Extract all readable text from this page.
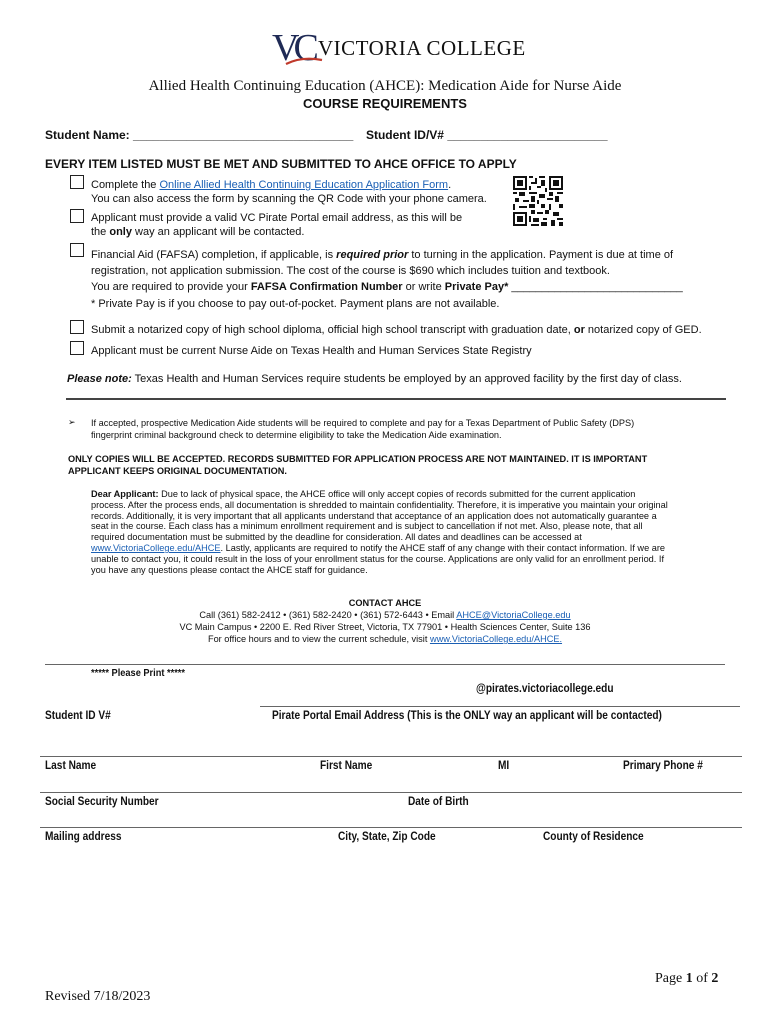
VC VICTORIA COLLEGE
Allied Health Continuing Education (AHCE): Medication Aide for Nurse Aide
COURSE REQUIREMENTS
Student Name: _________________________________ Student ID/V# ________________________
EVERY ITEM LISTED MUST BE MET AND SUBMITTED TO AHCE OFFICE TO APPLY
Complete the Online Allied Health Continuing Education Application Form.
You can also access the form by scanning the QR Code with your phone camera.
Applicant must provide a valid VC Pirate Portal email address, as this will be
the only way an applicant will be contacted.
Financial Aid (FAFSA) completion, if applicable, is required prior to turning in the application. Payment is due at time of
registration, not application submission. The cost of the course is $690 which includes tuition and textbook.
You are required to provide your FAFSA Confirmation Number or write Private Pay* ____________________________
* Private Pay is if you choose to pay out-of-pocket. Payment plans are not available.
Submit a notarized copy of high school diploma, official high school transcript with graduation date, or notarized copy of GED.
Applicant must be current Nurse Aide on Texas Health and Human Services State Registry
Please note: Texas Health and Human Services require students be employed by an approved facility by the first day of class.
➢ If accepted, prospective Medication Aide students will be required to complete and pay for a Texas Department of Public Safety (DPS)
fingerprint criminal background check to determine eligibility to take the Medication Aide examination.
ONLY COPIES WILL BE ACCEPTED. RECORDS SUBMITTED FOR APPLICATION PROCESS ARE NOT MAINTAINED. IT IS IMPORTANT
APPLICANT KEEPS ORIGINAL DOCUMENTATION.
Dear Applicant: Due to lack of physical space, the AHCE office will only accept copies of records submitted for the current application
process. After the process ends, all documentation is shredded to maintain confidentiality. Therefore, it is imperative you maintain your original
records. Additionally, it is very important that all applicants understand that acceptance of an application does not automatically guarantee a
seat in the course. Each class has a minimum enrollment requirement and is subject to cancellation if not met. Also, please note, that all
required documentation must be submitted by the deadline for consideration. All dates and deadlines can be accessed at
www.VictoriaCollege.edu/AHCE. Lastly, applicants are required to notify the AHCE staff of any change with their contact information. If we are
unable to contact you, it could result in the loss of your enrollment status for the course. Applications are only valid for an enrollment period. If
you have any questions please contact the AHCE staff for guidance.
CONTACT AHCE
Call (361) 582-2412 • (361) 582-2420 • (361) 572-6443 • Email AHCE@VictoriaCollege.edu
VC Main Campus • 2200 E. Red River Street, Victoria, TX 77901 • Health Sciences Center, Suite 136
For office hours and to view the current schedule, visit www.VictoriaCollege.edu/AHCE.
***** Please Print *****
@pirates.victoriacollege.edu
Student ID V#	Pirate Portal Email Address (This is the ONLY way an applicant will be contacted)
Last Name	First Name	MI	Primary Phone #
Social Security Number	Date of Birth
Mailing address	City, State, Zip Code	County of Residence
Page 1 of 2
Revised 7/18/2023
